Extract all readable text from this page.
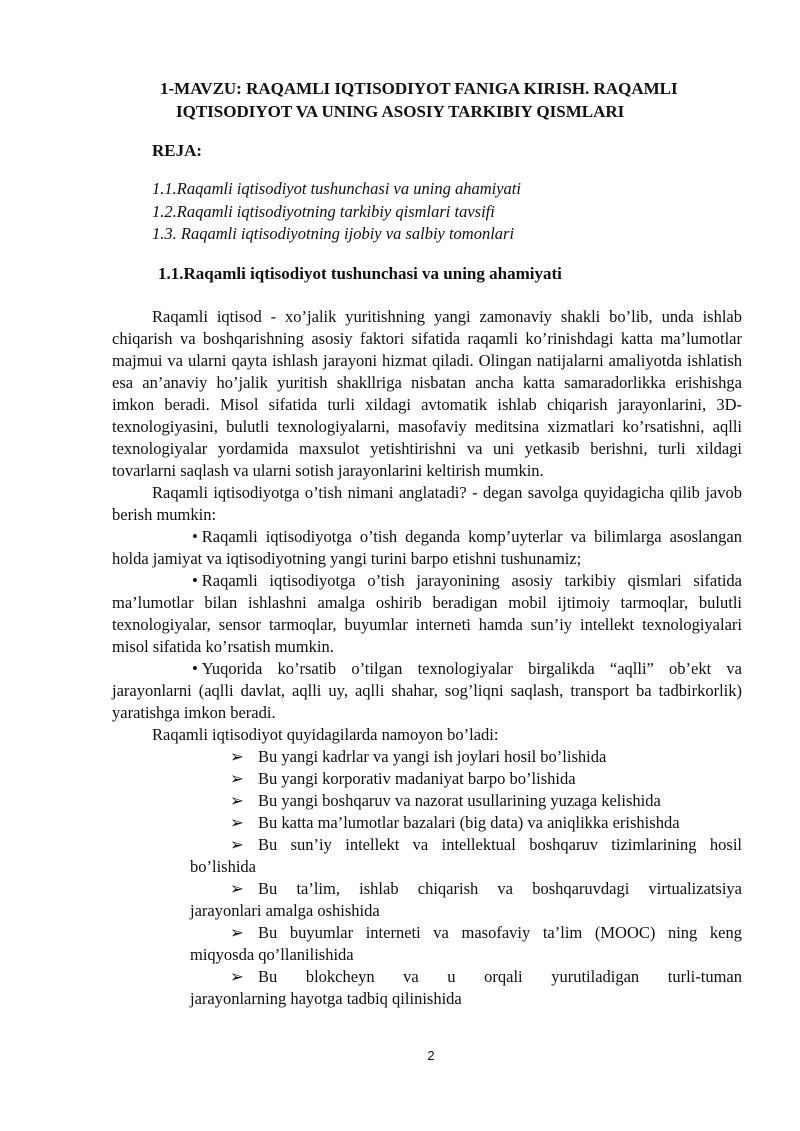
1-MAVZU: RAQAMLI IQTISODIYOT FANIGA KIRISH. RAQAMLI
IQTISODIYOT VA UNING ASOSIY TARKIBIY QISMLARI

REJA:

1.1.Raqamli iqtisodiyot tushunchasi va uning ahamiyati
1.2.Raqamli iqtisodiyotning tarkibiy qismlari tavsifi
1.3. Raqamli iqtisodiyotning ijobiy va salbiy tomonlari

1.1.Raqamli iqtisodiyot tushunchasi va uning ahamiyati

Raqamli iqtisod - xo’jalik yuritishning yangi zamonaviy shakli bo’lib, unda ishlab chiqarish va boshqarishning asosiy faktori sifatida raqamli ko’rinishdagi katta ma’lumotlar majmui va ularni qayta ishlash jarayoni hizmat qiladi. Olingan natijalarni amaliyotda ishlatish esa an’anaviy ho’jalik yuritish shakllriga nisbatan ancha katta samaradorlikka erishishga imkon beradi. Misol sifatida turli xildagi avtomatik ishlab chiqarish jarayonlarini, 3D-texnologiyasini, bulutli texnologiyalarni, masofaviy meditsina xizmatlari ko’rsatishni, aqlli texnologiyalar yordamida maxsulot yetishtirishni va uni yetkasib berishni, turli xildagi tovarlarni saqlash va ularni sotish jarayonlarini keltirish mumkin.

Raqamli iqtisodiyotga o’tish nimani anglatadi? - degan savolga quyidagicha qilib javob berish mumkin:

• Raqamli iqtisodiyotga o’tish deganda komp’uyterlar va bilimlarga asoslangan holda jamiyat va iqtisodiyotning yangi turini barpo etishni tushunamiz;

• Raqamli iqtisodiyotga o’tish jarayonining asosiy tarkibiy qismlari sifatida ma’lumotlar bilan ishlashni amalga oshirib beradigan mobil ijtimoiy tarmoqlar, bulutli texnologiyalar, sensor tarmoqlar, buyumlar interneti hamda sun’iy intellekt texnologiyalari misol sifatida ko’rsatish mumkin.

• Yuqorida ko’rsatib o’tilgan texnologiyalar birgalikda “aqlli” ob’ekt va jarayonlarni (aqlli davlat, aqlli uy, aqlli shahar, sog’liqni saqlash, transport ba tadbirkorlik) yaratishga imkon beradi.

Raqamli iqtisodiyot quyidagilarda namoyon bo’ladi:

➢ Bu yangi kadrlar va yangi ish joylari hosil bo’lishida
➢ Bu yangi korporativ madaniyat barpo bo’lishida
➢ Bu yangi boshqaruv va nazorat usullarining yuzaga kelishida
➢ Bu katta ma’lumotlar bazalari (big data) va aniqlikka erishishda
➢ Bu sun’iy intellekt va intellektual boshqaruv tizimlarining hosil
bo’lishida
➢ Bu ta’lim, ishlab chiqarish va boshqaruvdagi virtualizatsiya
jarayonlari amalga oshishida
➢ Bu buyumlar interneti va masofaviy ta’lim (MOOC) ning keng
miqyosda qo’llanilishida
➢ Bu blokcheyn va u orqali yurutiladigan turli-tuman
jarayonlarning hayotga tadbiq qilinishida
2
